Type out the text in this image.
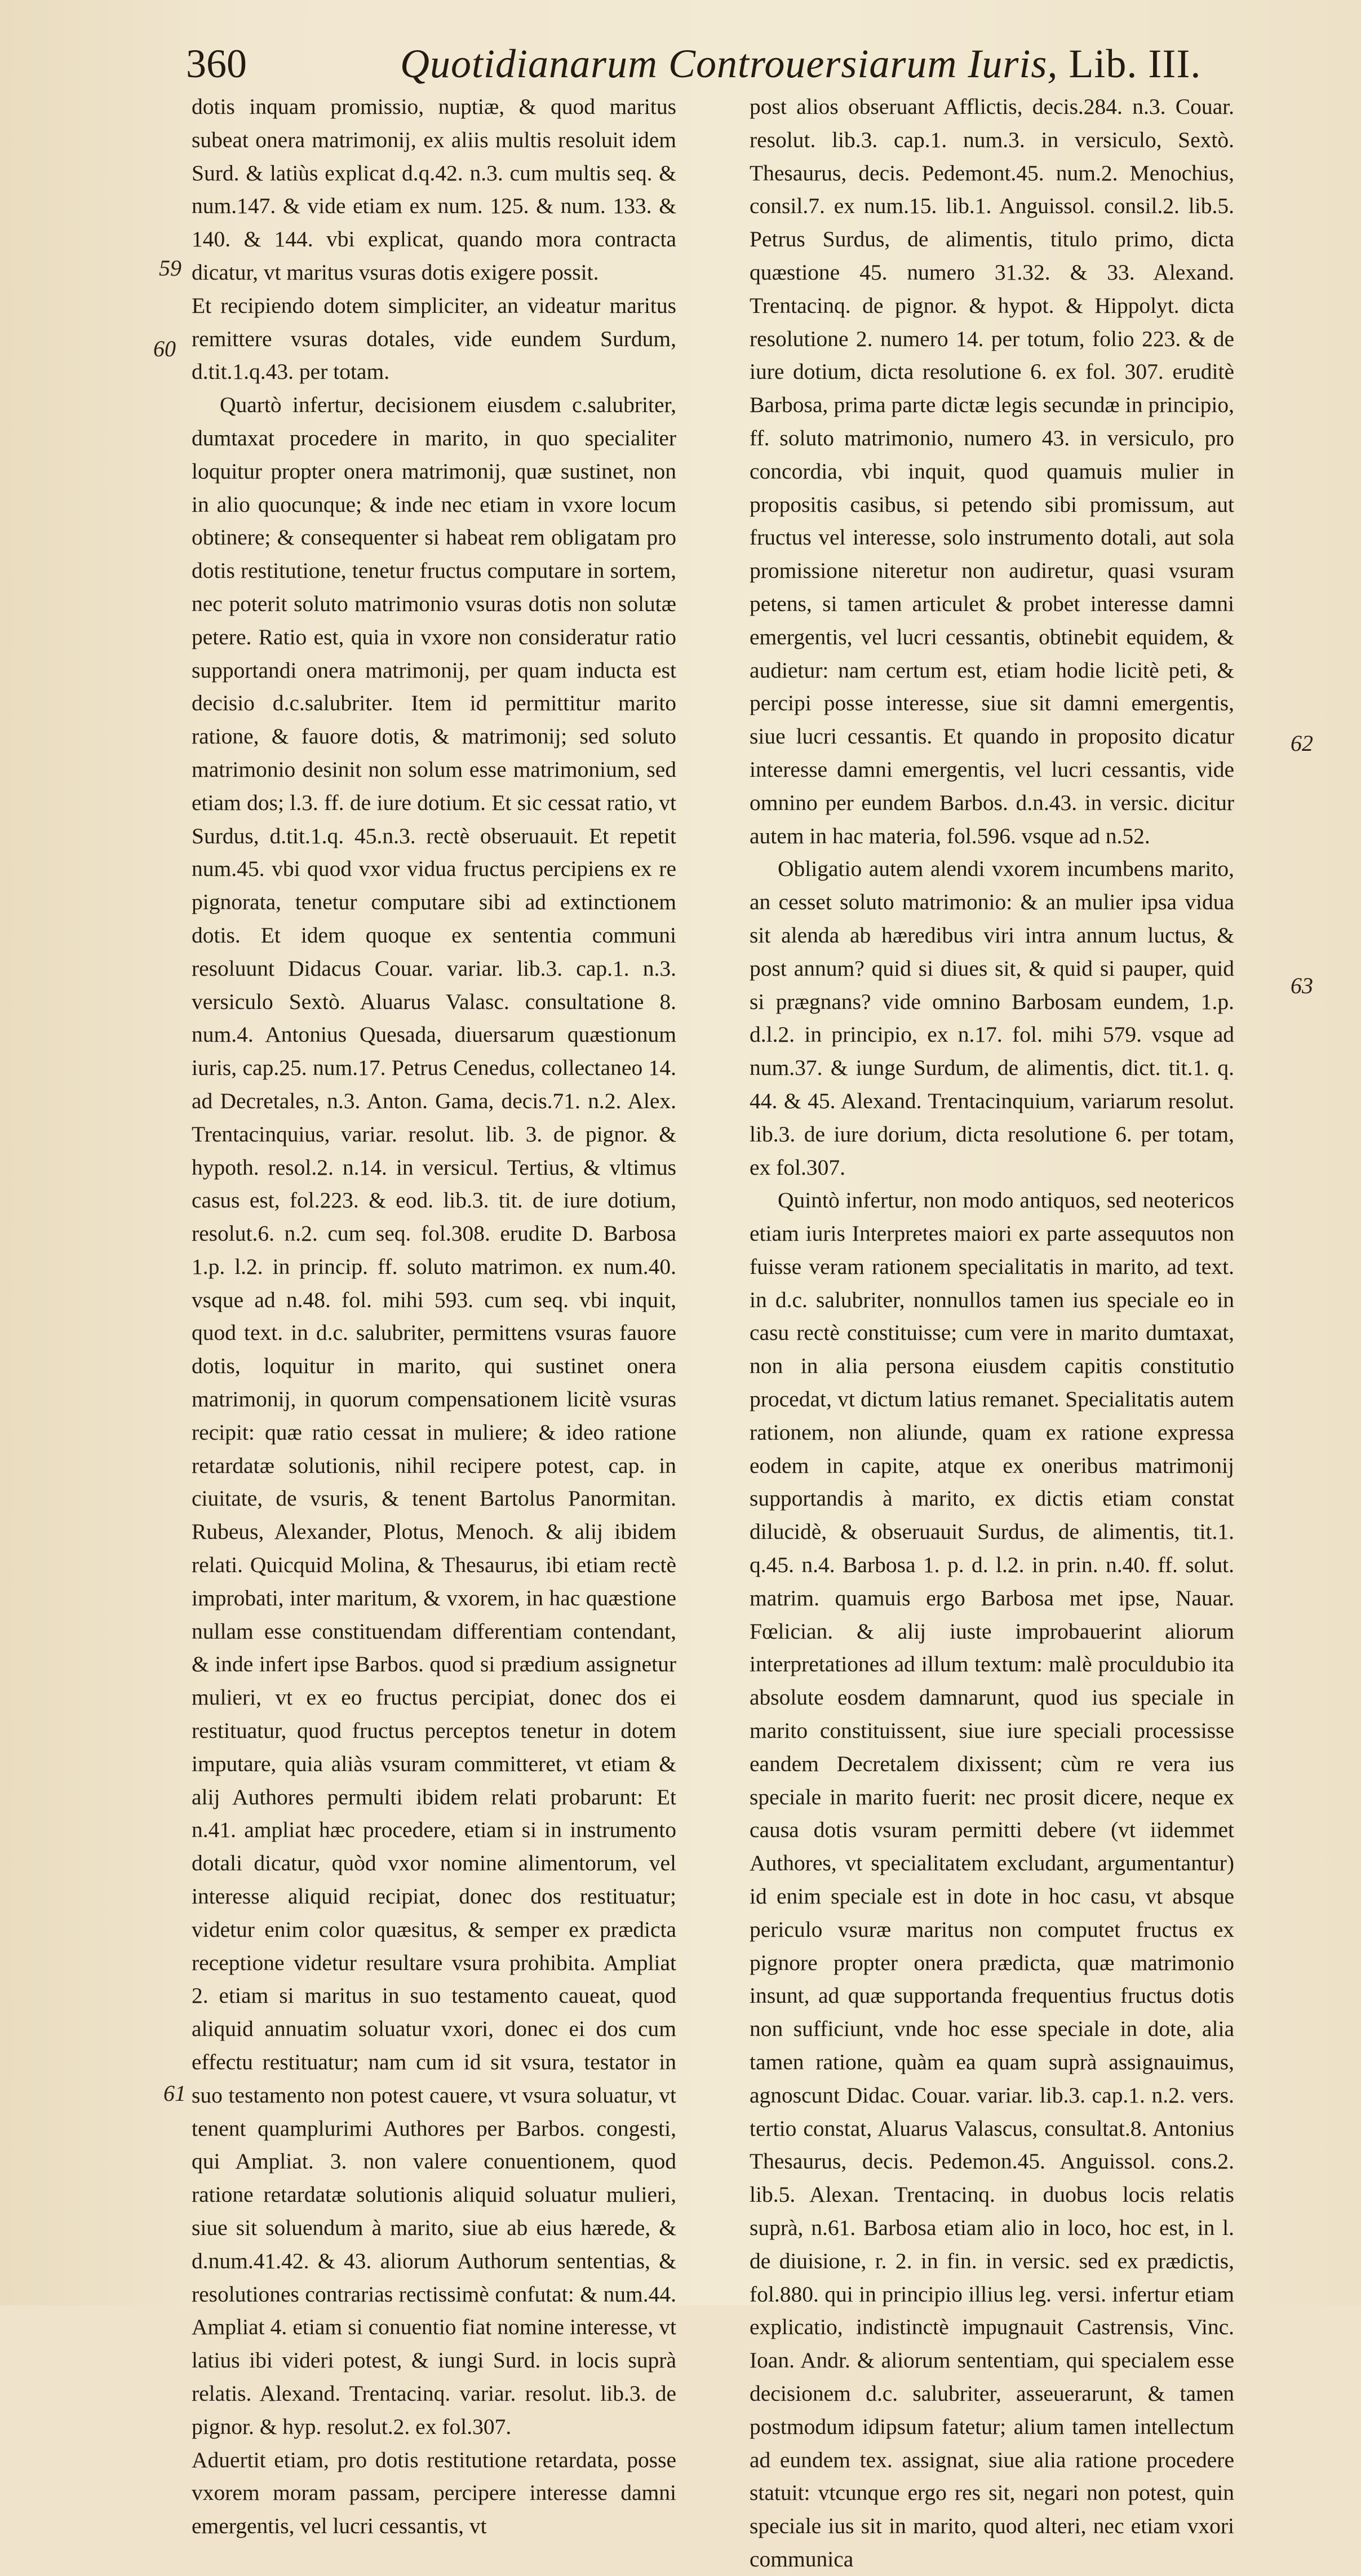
360	Quotidianarum Controuersiarum Iuris, Lib. III.
59
60
61
62
63

dotis inquam promissio, nuptiæ, & quod maritus subeat onera matrimonij, ex aliis multis resoluit idem Surd. & latiùs explicat d.q.42. n.3. cum multis seq. & num.147. & vide etiam ex num. 125. & num. 133. & 140. & 144. vbi explicat, quando mora contracta dicatur, vt maritus vsuras dotis exigere possit.

Et recipiendo dotem simpliciter, an videatur maritus remittere vsuras dotales, vide eundem Surdum, d.tit.1.q.43. per totam.

Quartò infertur, decisionem eiusdem c.salubriter, dumtaxat procedere in marito, in quo specialiter loquitur propter onera matrimonij, quæ sustinet, non in alio quocunque; & inde nec etiam in vxore locum obtinere; & consequenter si habeat rem obligatam pro dotis restitutione, tenetur fructus computare in sortem, nec poterit soluto matrimonio vsuras dotis non solutæ petere. Ratio est, quia in vxore non consideratur ratio supportandi onera matrimonij, per quam inducta est decisio d.c.salubriter. Item id permittitur marito ratione, & fauore dotis, & matrimonij; sed soluto matrimonio desinit non solum esse matrimonium, sed etiam dos; l.3. ff. de iure dotium. Et sic cessat ratio, vt Surdus, d.tit.1.q. 45.n.3. rectè obseruauit. Et repetit num.45. vbi quod vxor vidua fructus percipiens ex re pignorata, tenetur computare sibi ad extinctionem dotis. Et idem quoque ex sententia communi resoluunt Didacus Couar. variar. lib.3. cap.1. n.3. versiculo Sextò. Aluarus Valasc. consultatione 8. num.4. Antonius Quesada, diuersarum quæstionum iuris, cap.25. num.17. Petrus Cenedus, collectaneo 14. ad Decretales, n.3. Anton. Gama, decis.71. n.2. Alex. Trentacinquius, variar. resolut. lib. 3. de pignor. & hypoth. resol.2. n.14. in versicul. Tertius, & vltimus casus est, fol.223. & eod. lib.3. tit. de iure dotium, resolut.6. n.2. cum seq. fol.308. erudite D. Barbosa 1.p. l.2. in princip. ff. soluto matrimon. ex num.40. vsque ad n.48. fol. mihi 593. cum seq. vbi inquit, quod text. in d.c. salubriter, permittens vsuras fauore dotis, loquitur in marito, qui sustinet onera matrimonij, in quorum compensationem licitè vsuras recipit: quæ ratio cessat in muliere; & ideo ratione retardatæ solutionis, nihil recipere potest, cap. in ciuitate, de vsuris, & tenent Bartolus Panormitan. Rubeus, Alexander, Plotus, Menoch. & alij ibidem relati. Quicquid Molina, & Thesaurus, ibi etiam rectè improbati, inter maritum, & vxorem, in hac quæstione nullam esse constituendam differentiam contendant, & inde infert ipse Barbos. quod si prædium assignetur mulieri, vt ex eo fructus percipiat, donec dos ei restituatur, quod fructus perceptos tenetur in dotem imputare, quia aliàs vsuram committeret, vt etiam & alij Authores permulti ibidem relati probarunt: Et n.41. ampliat hæc procedere, etiam si in instrumento dotali dicatur, quòd vxor nomine alimentorum, vel interesse aliquid recipiat, donec dos restituatur; videtur enim color quæsitus, & semper ex prædicta receptione videtur resultare vsura prohibita. Ampliat 2. etiam si maritus in suo testamento caueat, quod aliquid annuatim soluatur vxori, donec ei dos cum effectu restituatur; nam cum id sit vsura, testator in suo testamento non potest cauere, vt vsura soluatur, vt tenent quamplurimi Authores per Barbos. congesti, qui Ampliat. 3. non valere conuentionem, quod ratione retardatæ solutionis aliquid soluatur mulieri, siue sit soluendum à marito, siue ab eius hærede, & d.num.41.42. & 43. aliorum Authorum sententias, & resolutiones contrarias rectissimè confutat: & num.44. Ampliat 4. etiam si conuentio fiat nomine interesse, vt latius ibi videri potest, & iungi Surd. in locis suprà relatis. Alexand. Trentacinq. variar. resolut. lib.3. de pignor. & hyp. resolut.2. ex fol.307.

Aduertit etiam, pro dotis restitutione retardata, posse vxorem moram passam, percipere interesse damni emergentis, vel lucri cessantis, vt

post alios obseruant Afflictis, decis.284. n.3. Couar. resolut. lib.3. cap.1. num.3. in versiculo, Sextò. Thesaurus, decis. Pedemont.45. num.2. Menochius, consil.7. ex num.15. lib.1. Anguissol. consil.2. lib.5. Petrus Surdus, de alimentis, titulo primo, dicta quæstione 45. numero 31.32. & 33. Alexand. Trentacinq. de pignor. & hypot. & Hippolyt. dicta resolutione 2. numero 14. per totum, folio 223. & de iure dotium, dicta resolutione 6. ex fol. 307. eruditè Barbosa, prima parte dictæ legis secundæ in principio, ff. soluto matrimonio, numero 43. in versiculo, pro concordia, vbi inquit, quod quamuis mulier in propositis casibus, si petendo sibi promissum, aut fructus vel interesse, solo instrumento dotali, aut sola promissione niteretur non audiretur, quasi vsuram petens, si tamen articulet & probet interesse damni emergentis, vel lucri cessantis, obtinebit equidem, & audietur: nam certum est, etiam hodie licitè peti, & percipi posse interesse, siue sit damni emergentis, siue lucri cessantis. Et quando in proposito dicatur interesse damni emergentis, vel lucri cessantis, vide omnino per eundem Barbos. d.n.43. in versic. dicitur autem in hac materia, fol.596. vsque ad n.52.

Obligatio autem alendi vxorem incumbens marito, an cesset soluto matrimonio: & an mulier ipsa vidua sit alenda ab hæredibus viri intra annum luctus, & post annum? quid si diues sit, & quid si pauper, quid si prægnans? vide omnino Barbosam eundem, 1.p. d.l.2. in principio, ex n.17. fol. mihi 579. vsque ad num.37. & iunge Surdum, de alimentis, dict. tit.1. q. 44. & 45. Alexand. Trentacinquium, variarum resolut. lib.3. de iure dorium, dicta resolutione 6. per totam, ex fol.307.

Quintò infertur, non modo antiquos, sed neotericos etiam iuris Interpretes maiori ex parte assequutos non fuisse veram rationem specialitatis in marito, ad text. in d.c. salubriter, nonnullos tamen ius speciale eo in casu rectè constituisse; cum vere in marito dumtaxat, non in alia persona eiusdem capitis constitutio procedat, vt dictum latius remanet. Specialitatis autem rationem, non aliunde, quam ex ratione expressa eodem in capite, atque ex oneribus matrimonij supportandis à marito, ex dictis etiam constat dilucidè, & obseruauit Surdus, de alimentis, tit.1. q.45. n.4. Barbosa 1. p. d. l.2. in prin. n.40. ff. solut. matrim. quamuis ergo Barbosa met ipse, Nauar. Fœlician. & alij iuste improbauerint aliorum interpretationes ad illum textum: malè proculdubio ita absolute eosdem damnarunt, quod ius speciale in marito constituissent, siue iure speciali processisse eandem Decretalem dixissent; cùm re vera ius speciale in marito fuerit: nec prosit dicere, neque ex causa dotis vsuram permitti debere (vt iidemmet Authores, vt specialitatem excludant, argumentantur) id enim speciale est in dote in hoc casu, vt absque periculo vsuræ maritus non computet fructus ex pignore propter onera prædicta, quæ matrimonio insunt, ad quæ supportanda frequentius fructus dotis non sufficiunt, vnde hoc esse speciale in dote, alia tamen ratione, quàm ea quam suprà assignauimus, agnoscunt Didac. Couar. variar. lib.3. cap.1. n.2. vers. tertio constat, Aluarus Valascus, consultat.8. Antonius Thesaurus, decis. Pedemon.45. Anguissol. cons.2. lib.5. Alexan. Trentacinq. in duobus locis relatis suprà, n.61. Barbosa etiam alio in loco, hoc est, in l. de diuisione, r. 2. in fin. in versic. sed ex prædictis, fol.880. qui in principio illius leg. versi. infertur etiam explicatio, indistinctè impugnauit Castrensis, Vinc. Ioan. Andr. & aliorum sententiam, qui specialem esse decisionem d.c. salubriter, asseuerarunt, & tamen postmodum idipsum fatetur; alium tamen intellectum ad eundem tex. assignat, siue alia ratione procedere statuit: vtcunque ergo res sit, negari non potest, quin speciale ius sit in marito, quod alteri, nec etiam vxori communica
